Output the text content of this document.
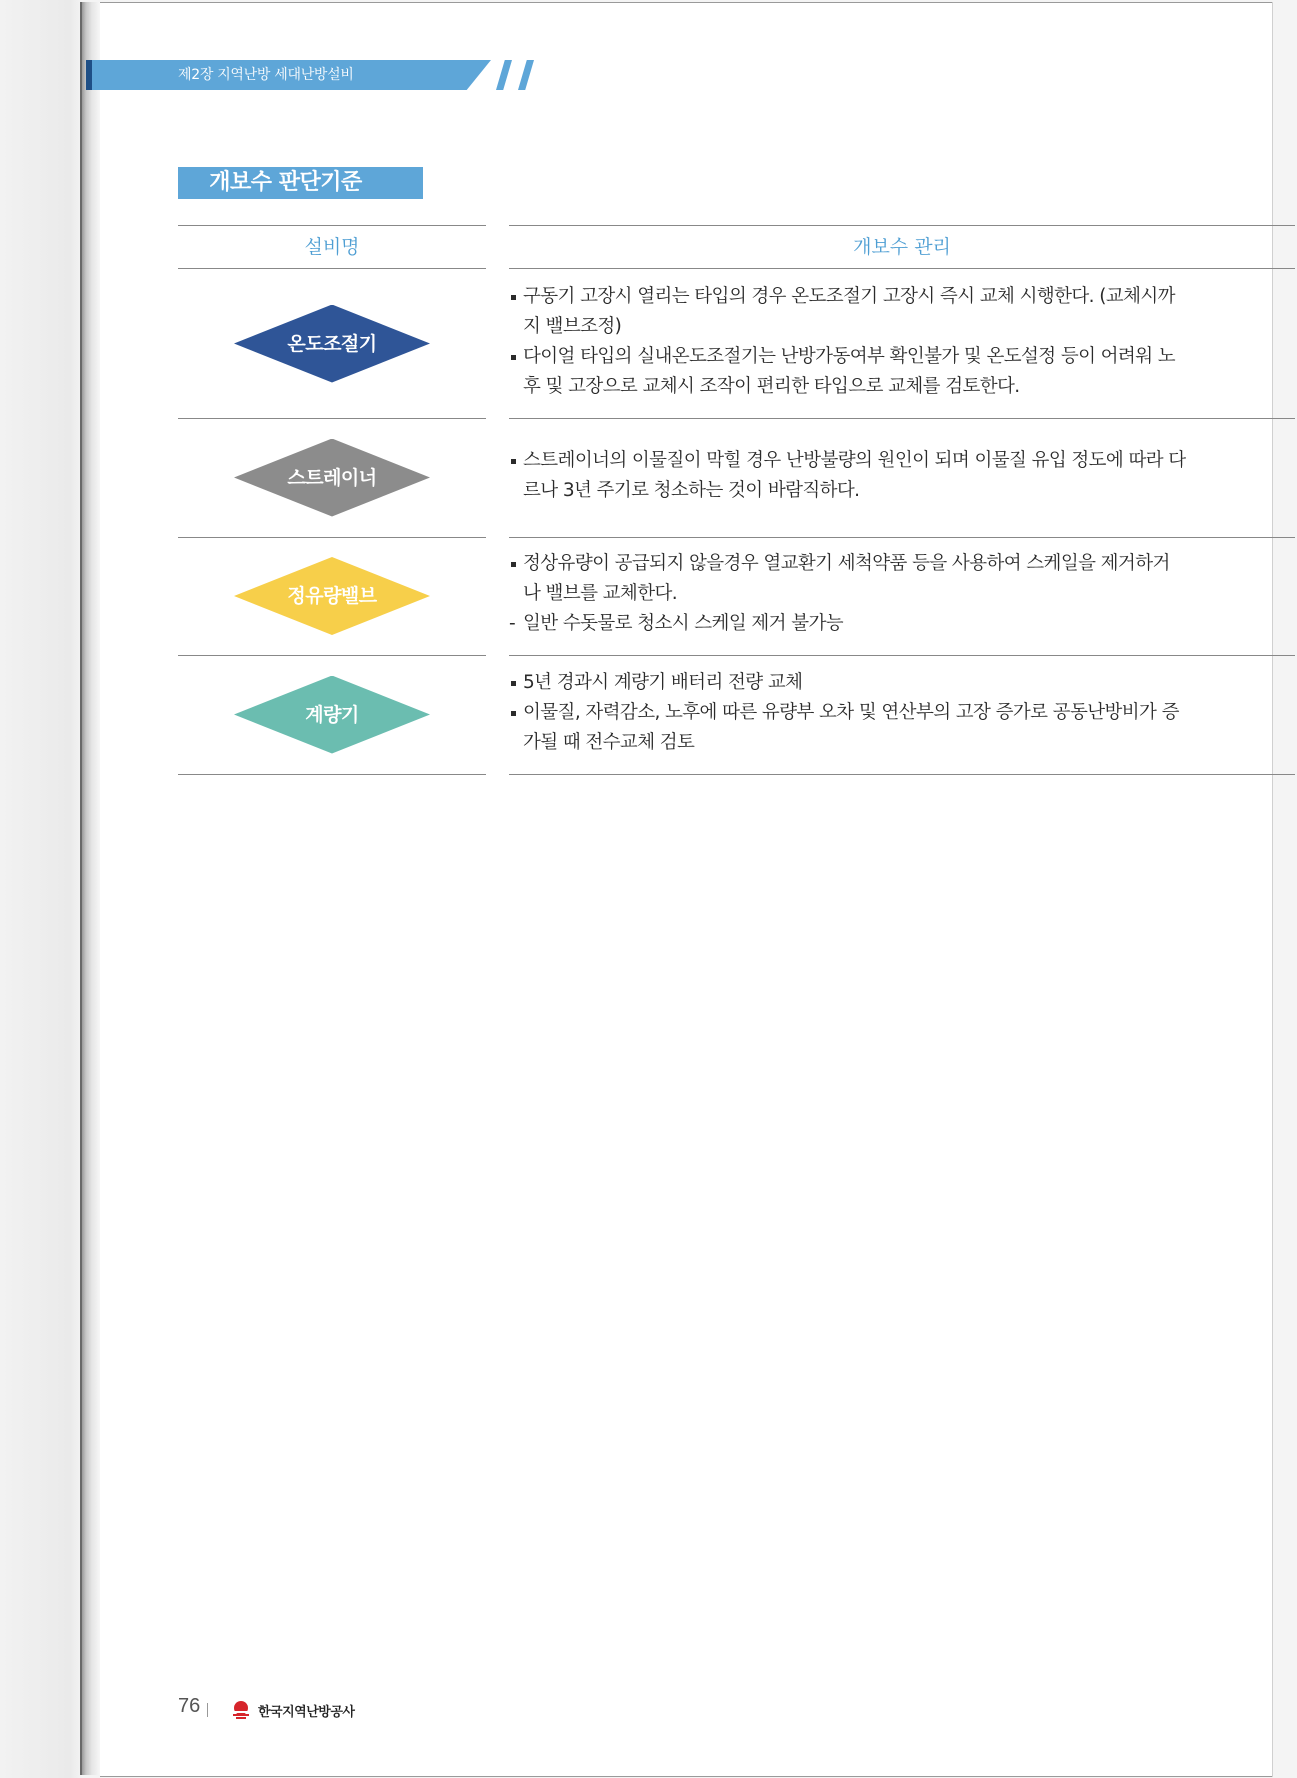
제2장 지역난방 세대난방설비
개보수 판단기준
설비명	개보수 관리
온도조절기
구동기 고장시 열리는 타입의 경우 온도조절기 고장시 즉시 교체 시행한다. (교체시까
지 밸브조정)
다이얼 타입의 실내온도조절기는 난방가동여부 확인불가 및 온도설정 등이 어려워 노
후 및 고장으로 교체시 조작이 편리한 타입으로 교체를 검토한다.
스트레이너
스트레이너의 이물질이 막힐 경우 난방불량의 원인이 되며 이물질 유입 정도에 따라 다
르나 3년 주기로 청소하는 것이 바람직하다.
정유량밸브
정상유량이 공급되지 않을경우 열교환기 세척약품 등을 사용하여 스케일을 제거하거
나 밸브를 교체한다.
- 일반 수돗물로 청소시 스케일 제거 불가능
계량기
5년 경과시 계량기 배터리 전량 교체
이물질, 자력감소, 노후에 따른 유량부 오차 및 연산부의 고장 증가로 공동난방비가 증
가될 때 전수교체 검토
76	한국지역난방공사
